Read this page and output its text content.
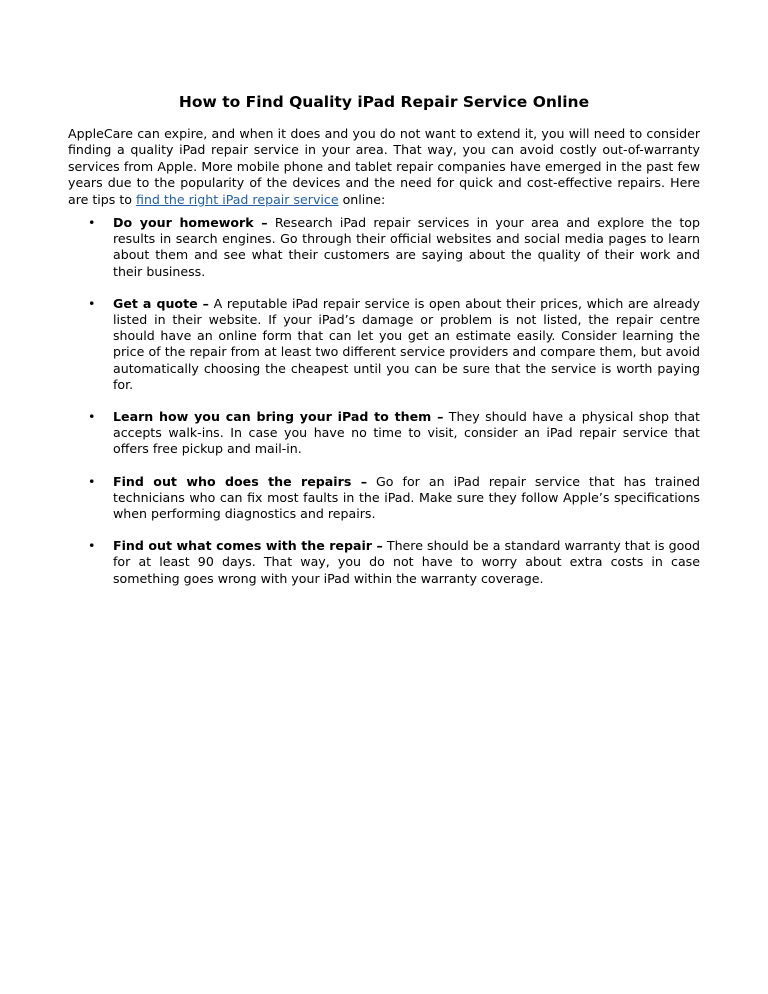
How to Find Quality iPad Repair Service Online

AppleCare can expire, and when it does and you do not want to extend it, you will need to consider finding a quality iPad repair service in your area. That way, you can avoid costly out-of-warranty services from Apple. More mobile phone and tablet repair companies have emerged in the past few years due to the popularity of the devices and the need for quick and cost-effective repairs. Here are tips to find the right iPad repair service online:

• Do your homework – Research iPad repair services in your area and explore the top results in search engines. Go through their official websites and social media pages to learn about them and see what their customers are saying about the quality of their work and their business.
• Get a quote – A reputable iPad repair service is open about their prices, which are already listed in their website. If your iPad’s damage or problem is not listed, the repair centre should have an online form that can let you get an estimate easily. Consider learning the price of the repair from at least two different service providers and compare them, but avoid automatically choosing the cheapest until you can be sure that the service is worth paying for.
• Learn how you can bring your iPad to them – They should have a physical shop that accepts walk-ins. In case you have no time to visit, consider an iPad repair service that offers free pickup and mail-in.
• Find out who does the repairs – Go for an iPad repair service that has trained technicians who can fix most faults in the iPad. Make sure they follow Apple’s specifications when performing diagnostics and repairs.
• Find out what comes with the repair – There should be a standard warranty that is good for at least 90 days. That way, you do not have to worry about extra costs in case something goes wrong with your iPad within the warranty coverage.
